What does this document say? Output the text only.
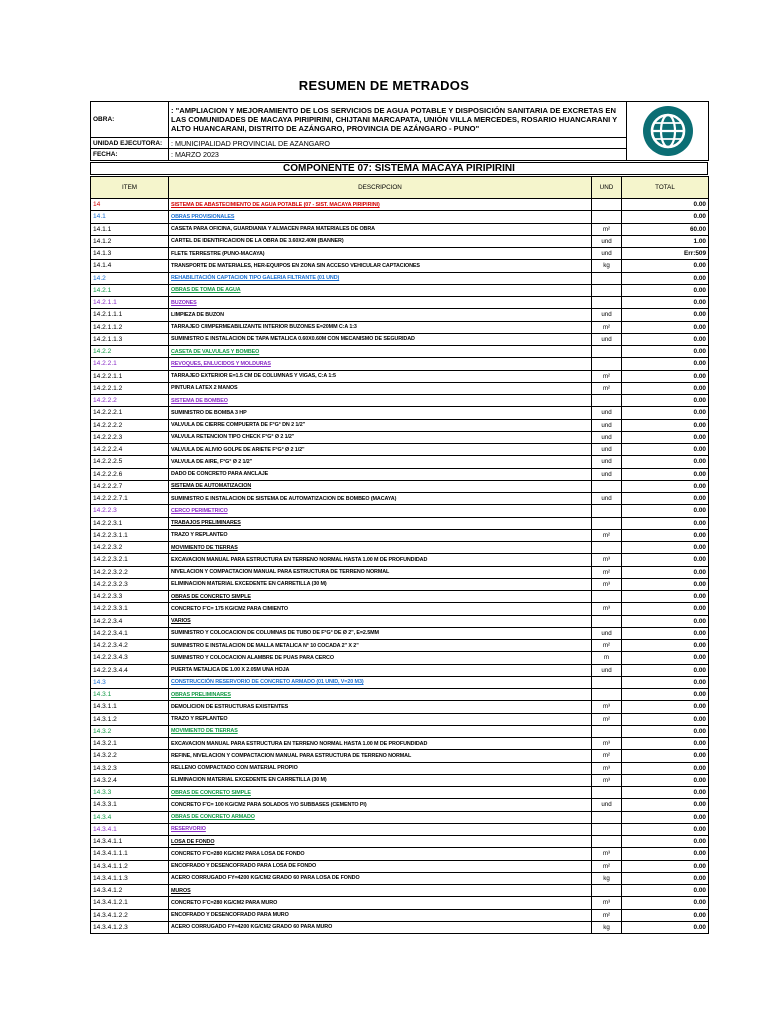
RESUMEN DE METRADOS
OBRA:	: "AMPLIACION Y MEJORAMIENTO DE LOS SERVICIOS DE AGUA POTABLE Y DISPOSICIÓN SANITARIA DE EXCRETAS EN LAS COMUNIDADES DE MACAYA PIRIPIRINI, CHIJTANI MARCAPATA, UNIÓN VILLA MERCEDES, ROSARIO HUANCARANI Y ALTO HUANCARANI, DISTRITO DE AZÁNGARO, PROVINCIA DE AZÁNGARO - PUNO"	

UNIDAD EJECUTORA:	: MUNICIPALIDAD PROVINCIAL DE AZANGARO	
FECHA:	: MARZO 2023	
COMPONENTE 07: SISTEMA MACAYA PIRIPIRINI
ITEM	DESCRIPCION	UND	TOTAL
14	SISTEMA DE ABASTECIMIENTO DE AGUA POTABLE (07 - SIST. MACAYA PIRIPIRINI)		0.00
14.1	OBRAS PROVISIONALES		0.00
14.1.1	CASETA PARA OFICINA, GUARDIANIA Y ALMACEN PARA MATERIALES DE OBRA	m²	60.00
14.1.2	CARTEL DE IDENTIFICACION DE LA OBRA DE 3.60X2.40M (BANNER)	und	1.00
14.1.3	FLETE TERRESTRE (PUNO-MACAYA)	und	Err:509
14.1.4	TRANSPORTE DE MATERIALES, HER-EQUIPOS EN ZONA SIN ACCESO VEHICULAR CAPTACIONES	kg	0.00
14.2	REHABILITACIÓN CAPTACION TIPO GALERIA FILTRANTE (01 UND)		0.00
14.2.1	OBRAS DE TOMA DE AGUA		0.00
14.2.1.1	BUZONES		0.00
14.2.1.1.1	LIMPIEZA DE BUZON	und	0.00
14.2.1.1.2	TARRAJEO C/IMPERMEABILIZANTE INTERIOR BUZONES E=20MM C:A 1:3	m²	0.00
14.2.1.1.3	SUMINISTRO E INSTALACION DE TAPA METALICA 0.60X0.60M CON MECANISMO DE SEGURIDAD	und	0.00
14.2.2	CASETA DE VALVULAS Y BOMBEO		0.00
14.2.2.1	REVOQUES, ENLUCIDOS Y MOLDURAS		0.00
14.2.2.1.1	TARRAJEO EXTERIOR E=1.5 CM DE COLUMNAS Y VIGAS, C:A 1:5	m²	0.00
14.2.2.1.2	PINTURA LATEX 2 MANOS	m²	0.00
14.2.2.2	SISTEMA DE BOMBEO		0.00
14.2.2.2.1	SUMINISTRO DE BOMBA 3 HP	und	0.00
14.2.2.2.2	VALVULA DE CIERRE COMPUERTA DE F°G° DN 2 1/2"	und	0.00
14.2.2.2.3	VALVULA RETENCION TIPO CHECK F°G° Ø 2 1/2"	und	0.00
14.2.2.2.4	VALVULA DE ALIVIO GOLPE DE ARIETE F°G° Ø 2 1/2"	und	0.00
14.2.2.2.5	VALVULA DE AIRE, F°G° Ø 2 1/2"	und	0.00
14.2.2.2.6	DADO DE CONCRETO PARA ANCLAJE	und	0.00
14.2.2.2.7	SISTEMA DE AUTOMATIZACION		0.00
14.2.2.2.7.1	SUMINISTRO E INSTALACION DE SISTEMA DE AUTOMATIZACION DE BOMBEO (MACAYA)	und	0.00
14.2.2.3	CERCO PERIMETRICO		0.00
14.2.2.3.1	TRABAJOS PRELIMINARES		0.00
14.2.2.3.1.1	TRAZO Y REPLANTEO	m²	0.00
14.2.2.3.2	MOVIMIENTO DE TIERRAS		0.00
14.2.2.3.2.1	EXCAVACION MANUAL PARA ESTRUCTURA EN TERRENO NORMAL HASTA 1.00 M DE PROFUNDIDAD	m³	0.00
14.2.2.3.2.2	NIVELACION Y COMPACTACION MANUAL PARA ESTRUCTURA DE TERRENO NORMAL	m²	0.00
14.2.2.3.2.3	ELIMINACION MATERIAL EXCEDENTE EN CARRETILLA (30 M)	m³	0.00
14.2.2.3.3	OBRAS DE CONCRETO SIMPLE		0.00
14.2.2.3.3.1	CONCRETO F'C= 175 KG/CM2 PARA CIMIENTO	m³	0.00
14.2.2.3.4	VARIOS		0.00
14.2.2.3.4.1	SUMINISTRO Y COLOCACION DE COLUMNAS DE TUBO DE F°G° DE Ø 2", E=2.5MM	und	0.00
14.2.2.3.4.2	SUMINISTRO E INSTALACION DE MALLA METALICA N° 10 COCADA 2" X 2"	m²	0.00
14.2.2.3.4.3	SUMINISTRO Y COLOCACION ALAMBRE DE PUAS PARA CERCO	m	0.00
14.2.2.3.4.4	PUERTA METALICA DE 1.00 X 2.05M UNA HOJA	und	0.00
14.3	CONSTRUCCIÓN RESERVORIO DE CONCRETO ARMADO (01 UNID, V=20 M3)		0.00
14.3.1	OBRAS PRELIMINARES		0.00
14.3.1.1	DEMOLICION DE ESTRUCTURAS EXISTENTES	m³	0.00
14.3.1.2	TRAZO Y REPLANTEO	m²	0.00
14.3.2	MOVIMIENTO DE TIERRAS		0.00
14.3.2.1	EXCAVACION MANUAL PARA ESTRUCTURA EN TERRENO NORMAL HASTA 1.00 M DE PROFUNDIDAD	m³	0.00
14.3.2.2	REFINE, NIVELACION Y COMPACTACION MANUAL PARA ESTRUCTURA DE TERRENO NORMAL	m²	0.00
14.3.2.3	RELLENO COMPACTADO CON MATERIAL PROPIO	m³	0.00
14.3.2.4	ELIMINACION MATERIAL EXCEDENTE EN CARRETILLA (30 M)	m³	0.00
14.3.3	OBRAS DE CONCRETO SIMPLE		0.00
14.3.3.1	CONCRETO F'C= 100 KG/CM2 PARA SOLADOS Y/O SUBBASES (CEMENTO PI)	und	0.00
14.3.4	OBRAS DE CONCRETO ARMADO		0.00
14.3.4.1	RESERVORIO		0.00
14.3.4.1.1	LOSA DE FONDO		0.00
14.3.4.1.1.1	CONCRETO F'C=280 KG/CM2 PARA LOSA DE FONDO	m³	0.00
14.3.4.1.1.2	ENCOFRADO Y DESENCOFRADO PARA LOSA DE FONDO	m²	0.00
14.3.4.1.1.3	ACERO CORRUGADO FY=4200 KG/CM2 GRADO 60 PARA LOSA DE FONDO	kg	0.00
14.3.4.1.2	MUROS		0.00
14.3.4.1.2.1	CONCRETO F'C=280 KG/CM2 PARA MURO	m³	0.00
14.3.4.1.2.2	ENCOFRADO Y DESENCOFRADO PARA MURO	m²	0.00
14.3.4.1.2.3	ACERO CORRUGADO FY=4200 KG/CM2 GRADO 60 PARA MURO	kg	0.00
